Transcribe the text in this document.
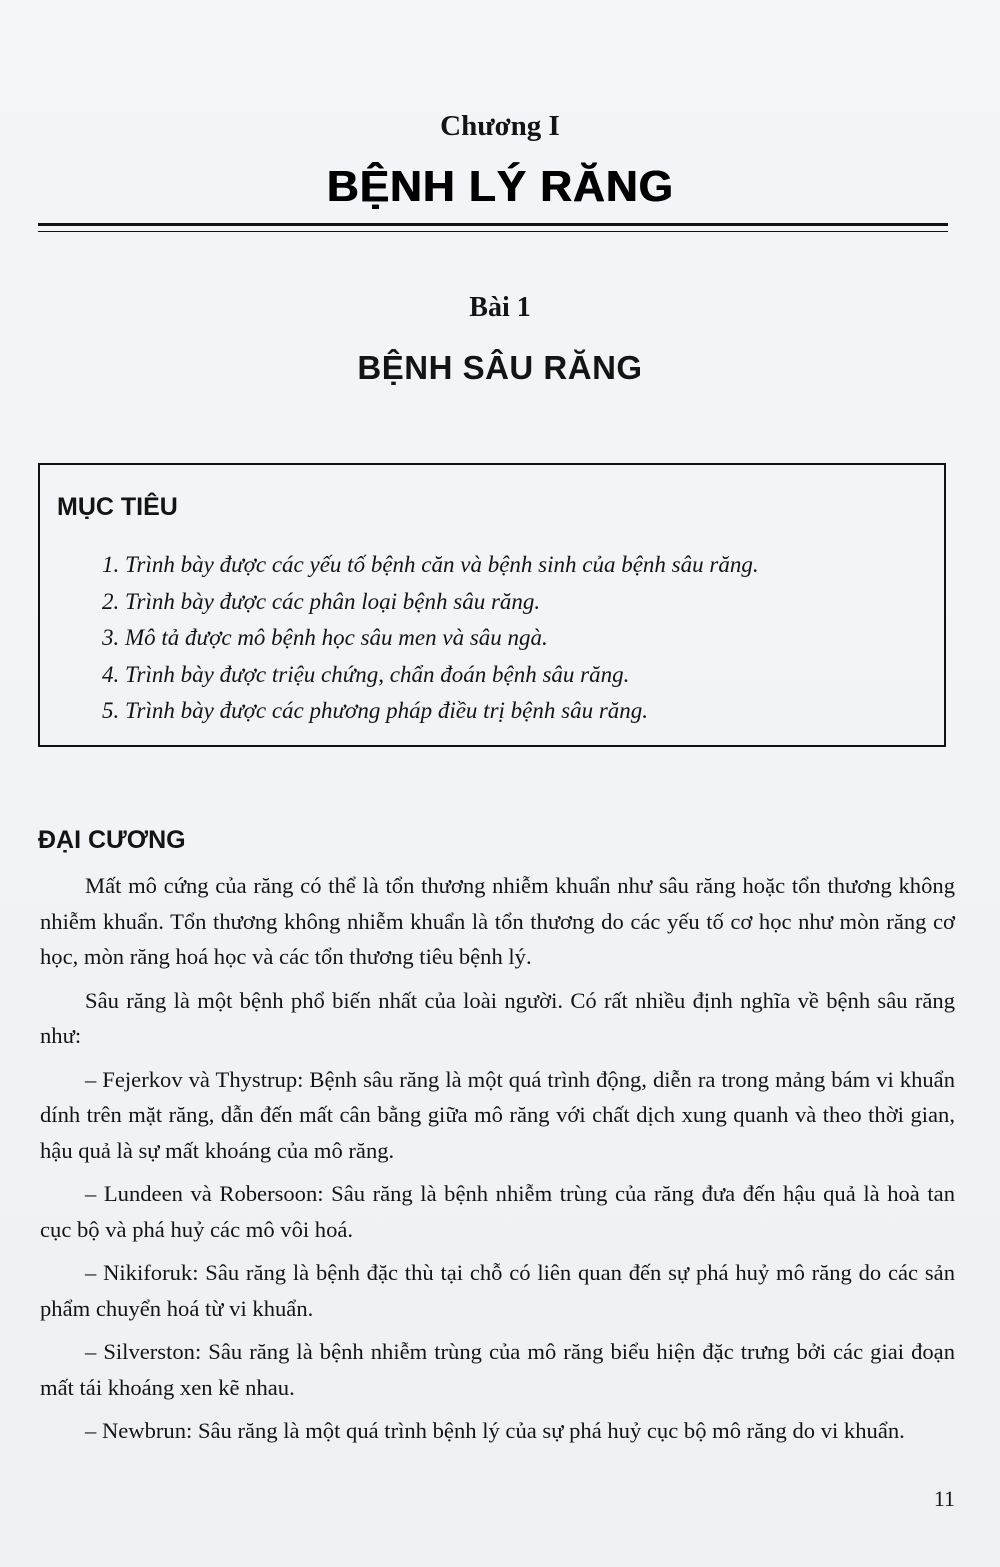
Chương I
BỆNH LÝ RĂNG
Bài 1
BỆNH SÂU RĂNG
MỤC TIÊU
1. Trình bày được các yếu tố bệnh căn và bệnh sinh của bệnh sâu răng.
2. Trình bày được các phân loại bệnh sâu răng.
3. Mô tả được mô bệnh học sâu men và sâu ngà.
4. Trình bày được triệu chứng, chẩn đoán bệnh sâu răng.
5. Trình bày được các phương pháp điều trị bệnh sâu răng.
ĐẠI CƯƠNG

Mất mô cứng của răng có thể là tổn thương nhiễm khuẩn như sâu răng hoặc tổn thương không nhiễm khuẩn. Tổn thương không nhiễm khuẩn là tổn thương do các yếu tố cơ học như mòn răng cơ học, mòn răng hoá học và các tổn thương tiêu bệnh lý.

Sâu răng là một bệnh phổ biến nhất của loài người. Có rất nhiều định nghĩa về bệnh sâu răng như:

– Fejerkov và Thystrup: Bệnh sâu răng là một quá trình động, diễn ra trong mảng bám vi khuẩn dính trên mặt răng, dẫn đến mất cân bằng giữa mô răng với chất dịch xung quanh và theo thời gian, hậu quả là sự mất khoáng của mô răng.

– Lundeen và Robersoon: Sâu răng là bệnh nhiễm trùng của răng đưa đến hậu quả là hoà tan cục bộ và phá huỷ các mô vôi hoá.

– Nikiforuk: Sâu răng là bệnh đặc thù tại chỗ có liên quan đến sự phá huỷ mô răng do các sản phẩm chuyển hoá từ vi khuẩn.

– Silverston: Sâu răng là bệnh nhiễm trùng của mô răng biểu hiện đặc trưng bởi các giai đoạn mất tái khoáng xen kẽ nhau.

– Newbrun: Sâu răng là một quá trình bệnh lý của sự phá huỷ cục bộ mô răng do vi khuẩn.

11
